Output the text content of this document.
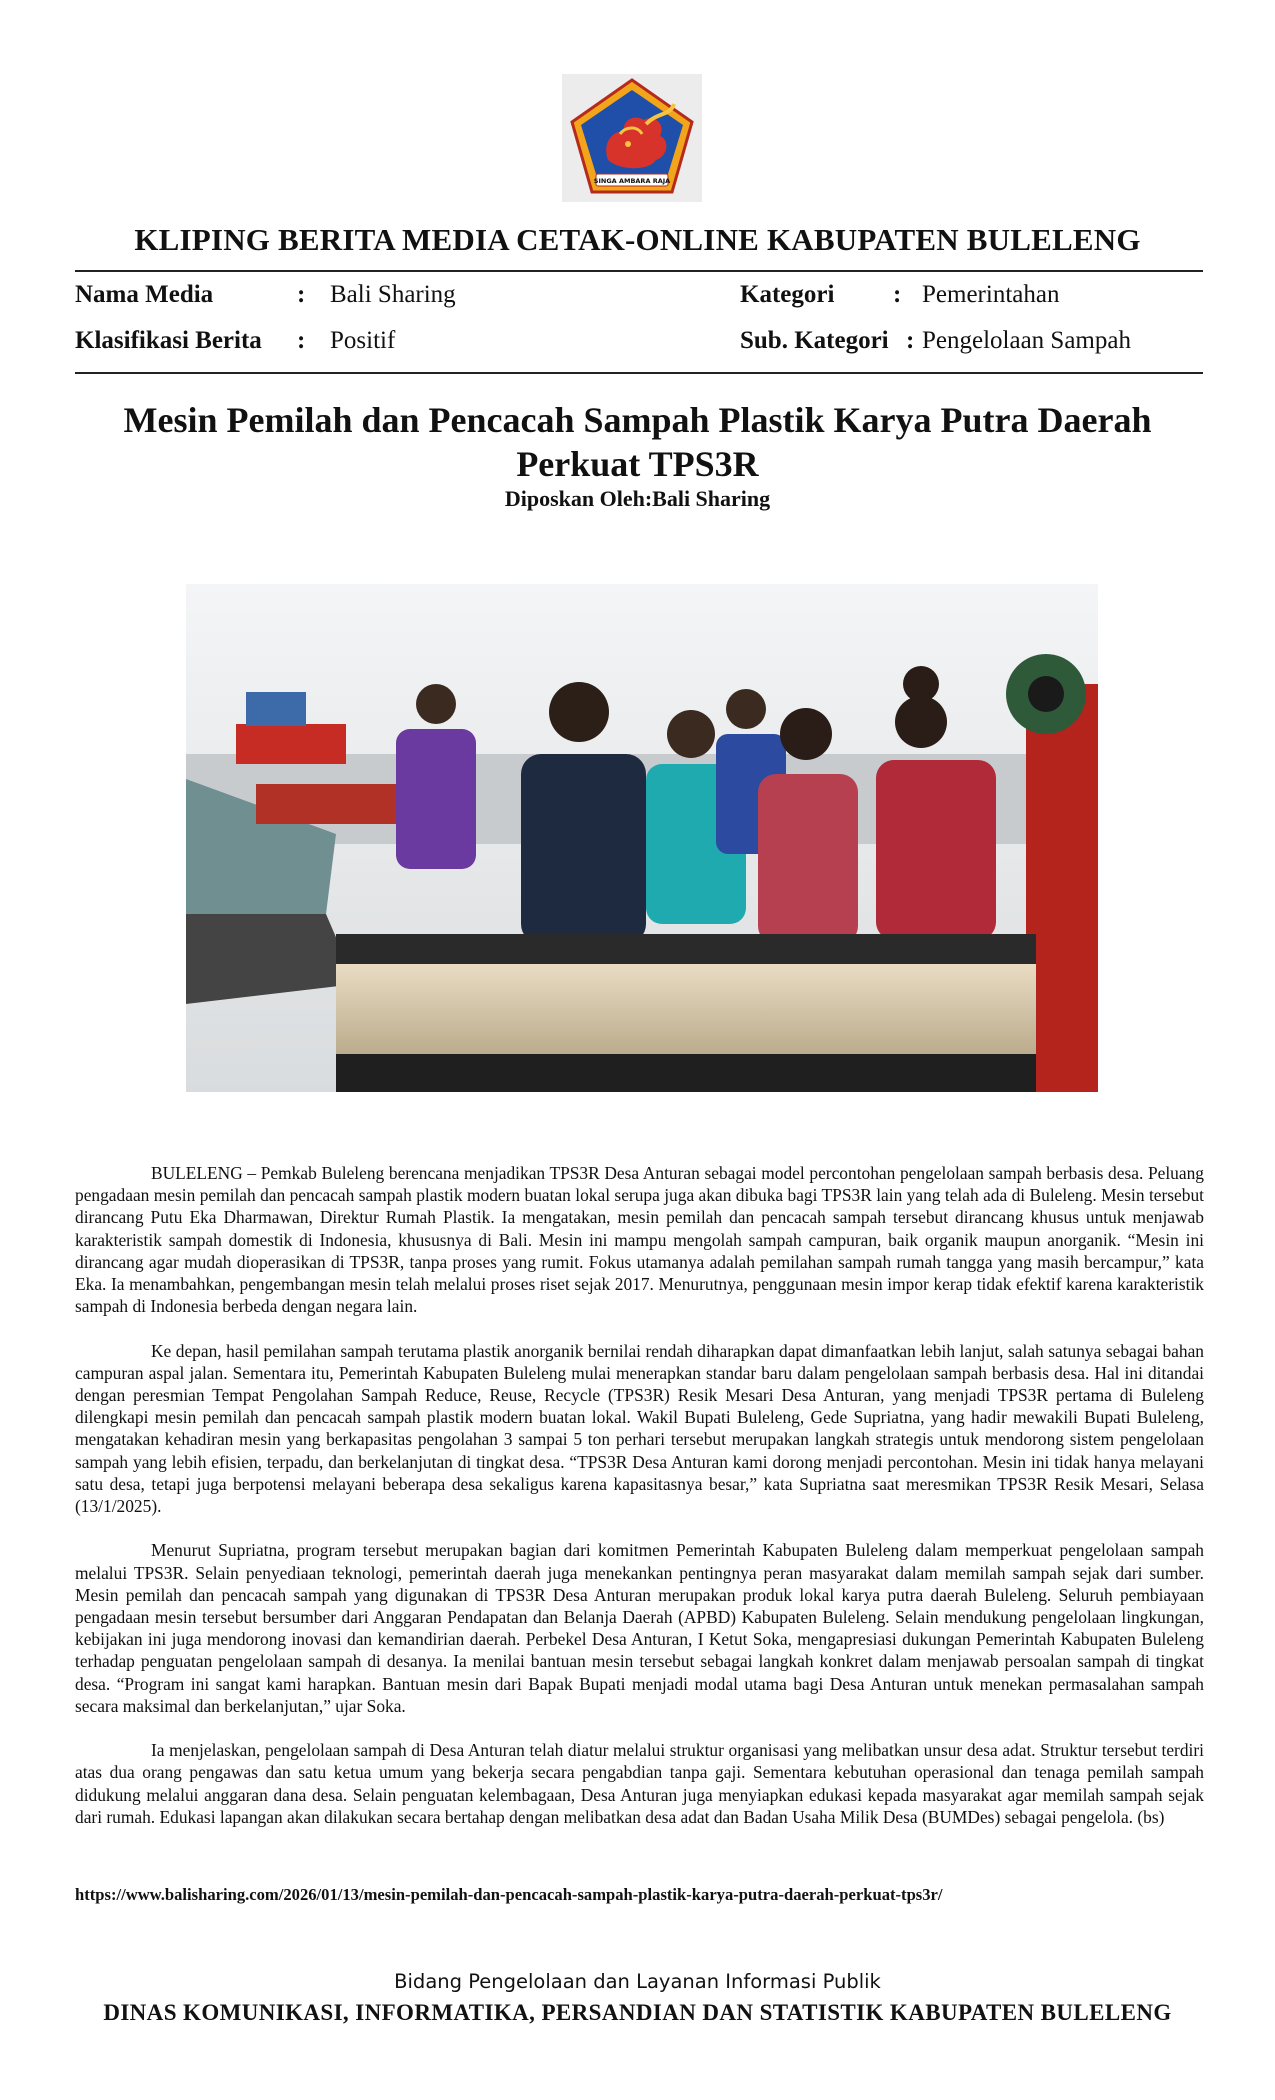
SINGA AMBARA RAJA
KLIPING BERITA MEDIA CETAK-ONLINE KABUPATEN BULELENG
Nama Media	: Bali Sharing	Kategori : Pemerintahan
Klasifikasi Berita : Positif	Sub. Kategori : Pengelolaan Sampah
Mesin Pemilah dan Pencacah Sampah Plastik Karya Putra Daerah Perkuat TPS3R
Diposkan Oleh:Bali Sharing

BULELENG – Pemkab Buleleng berencana menjadikan TPS3R Desa Anturan sebagai model percontohan pengelolaan sampah berbasis desa. Peluang pengadaan mesin pemilah dan pencacah sampah plastik modern buatan lokal serupa juga akan dibuka bagi TPS3R lain yang telah ada di Buleleng. Mesin tersebut dirancang Putu Eka Dharmawan, Direktur Rumah Plastik. Ia mengatakan, mesin pemilah dan pencacah sampah tersebut dirancang khusus untuk menjawab karakteristik sampah domestik di Indonesia, khususnya di Bali. Mesin ini mampu mengolah sampah campuran, baik organik maupun anorganik. “Mesin ini dirancang agar mudah dioperasikan di TPS3R, tanpa proses yang rumit. Fokus utamanya adalah pemilahan sampah rumah tangga yang masih bercampur,” kata Eka. Ia menambahkan, pengembangan mesin telah melalui proses riset sejak 2017. Menurutnya, penggunaan mesin impor kerap tidak efektif karena karakteristik sampah di Indonesia berbeda dengan negara lain.

Ke depan, hasil pemilahan sampah terutama plastik anorganik bernilai rendah diharapkan dapat dimanfaatkan lebih lanjut, salah satunya sebagai bahan campuran aspal jalan. Sementara itu, Pemerintah Kabupaten Buleleng mulai menerapkan standar baru dalam pengelolaan sampah berbasis desa. Hal ini ditandai dengan peresmian Tempat Pengolahan Sampah Reduce, Reuse, Recycle (TPS3R) Resik Mesari Desa Anturan, yang menjadi TPS3R pertama di Buleleng dilengkapi mesin pemilah dan pencacah sampah plastik modern buatan lokal. Wakil Bupati Buleleng, Gede Supriatna, yang hadir mewakili Bupati Buleleng, mengatakan kehadiran mesin yang berkapasitas pengolahan 3 sampai 5 ton perhari tersebut merupakan langkah strategis untuk mendorong sistem pengelolaan sampah yang lebih efisien, terpadu, dan berkelanjutan di tingkat desa. “TPS3R Desa Anturan kami dorong menjadi percontohan. Mesin ini tidak hanya melayani satu desa, tetapi juga berpotensi melayani beberapa desa sekaligus karena kapasitasnya besar,” kata Supriatna saat meresmikan TPS3R Resik Mesari, Selasa (13/1/2025).

Menurut Supriatna, program tersebut merupakan bagian dari komitmen Pemerintah Kabupaten Buleleng dalam memperkuat pengelolaan sampah melalui TPS3R. Selain penyediaan teknologi, pemerintah daerah juga menekankan pentingnya peran masyarakat dalam memilah sampah sejak dari sumber. Mesin pemilah dan pencacah sampah yang digunakan di TPS3R Desa Anturan merupakan produk lokal karya putra daerah Buleleng. Seluruh pembiayaan pengadaan mesin tersebut bersumber dari Anggaran Pendapatan dan Belanja Daerah (APBD) Kabupaten Buleleng. Selain mendukung pengelolaan lingkungan, kebijakan ini juga mendorong inovasi dan kemandirian daerah. Perbekel Desa Anturan, I Ketut Soka, mengapresiasi dukungan Pemerintah Kabupaten Buleleng terhadap penguatan pengelolaan sampah di desanya. Ia menilai bantuan mesin tersebut sebagai langkah konkret dalam menjawab persoalan sampah di tingkat desa. “Program ini sangat kami harapkan. Bantuan mesin dari Bapak Bupati menjadi modal utama bagi Desa Anturan untuk menekan permasalahan sampah secara maksimal dan berkelanjutan,” ujar Soka.

Ia menjelaskan, pengelolaan sampah di Desa Anturan telah diatur melalui struktur organisasi yang melibatkan unsur desa adat. Struktur tersebut terdiri atas dua orang pengawas dan satu ketua umum yang bekerja secara pengabdian tanpa gaji. Sementara kebutuhan operasional dan tenaga pemilah sampah didukung melalui anggaran dana desa. Selain penguatan kelembagaan, Desa Anturan juga menyiapkan edukasi kepada masyarakat agar memilah sampah sejak dari rumah. Edukasi lapangan akan dilakukan secara bertahap dengan melibatkan desa adat dan Badan Usaha Milik Desa (BUMDes) sebagai pengelola. (bs)

https://www.balisharing.com/2026/01/13/mesin-pemilah-dan-pencacah-sampah-plastik-karya-putra-daerah-perkuat-tps3r/
Bidang Pengelolaan dan Layanan Informasi Publik
DINAS KOMUNIKASI, INFORMATIKA, PERSANDIAN DAN STATISTIK KABUPATEN BULELENG
